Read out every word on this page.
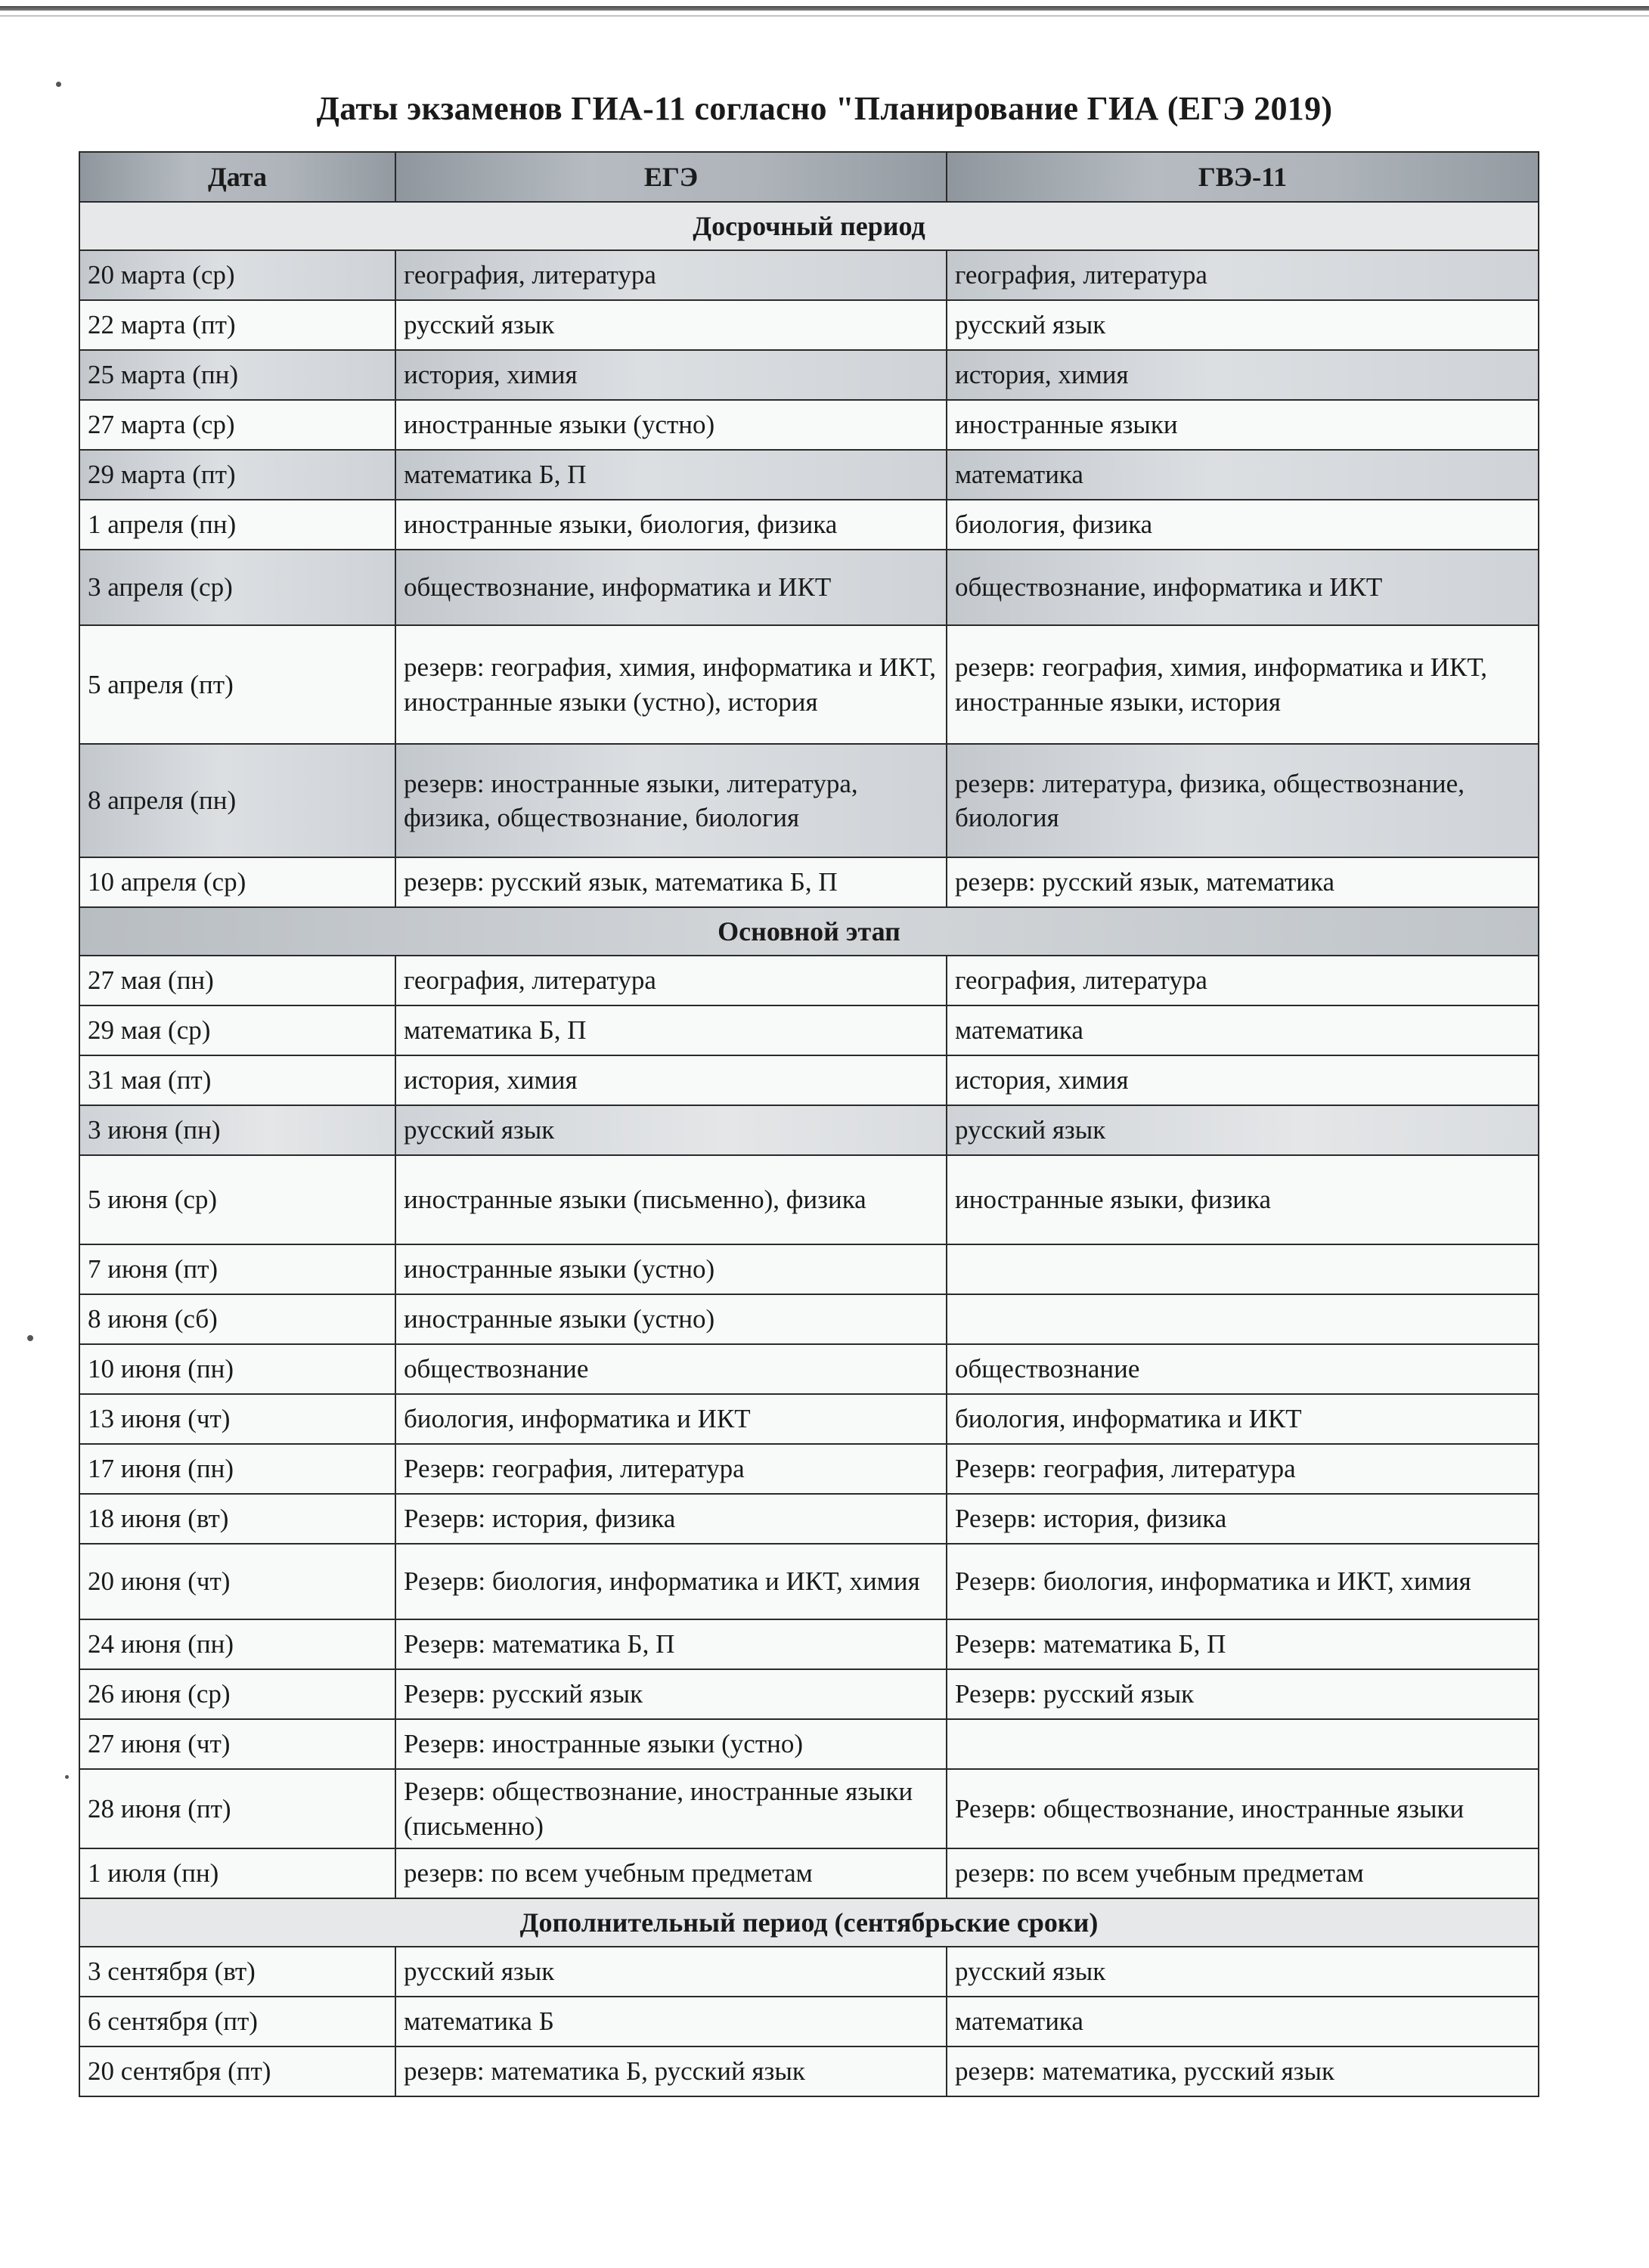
Даты экзаменов ГИА-11 согласно "Планирование ГИА (ЕГЭ 2019)
Дата	ЕГЭ	ГВЭ-11
Досрочный период		
20 марта (ср)	география, литература	география, литература
22 марта (пт)	русский язык	русский язык
25 марта (пн)	история, химия	история, химия
27 марта (ср)	иностранные языки (устно)	иностранные языки
29 марта (пт)	математика Б, П	математика
1 апреля (пн)	иностранные языки, биология, физика	биология, физика
3 апреля (ср)	обществознание, информатика и ИКТ	обществознание, информатика и ИКТ
5 апреля (пт)	резерв: география, химия, информатика и ИКТ, иностранные языки (устно), история	резерв: география, химия, информатика и ИКТ, иностранные языки, история
8 апреля (пн)	резерв: иностранные языки, литература, физика, обществознание, биология	резерв: литература, физика, обществознание, биология
10 апреля (ср)	резерв: русский язык, математика Б, П	резерв: русский язык, математика
Основной этап		
27 мая (пн)	география, литература	география, литература
29 мая (ср)	математика Б, П	математика
31 мая (пт)	история, химия	история, химия
3 июня (пн)	русский язык	русский язык
5 июня (ср)	иностранные языки (письменно), физика	иностранные языки, физика
7 июня (пт)	иностранные языки (устно)	
8 июня (сб)	иностранные языки (устно)	
10 июня (пн)	обществознание	обществознание
13 июня (чт)	биология, информатика и ИКТ	биология, информатика и ИКТ
17 июня (пн)	Резерв: география, литература	Резерв: география, литература
18 июня (вт)	Резерв: история, физика	Резерв: история, физика
20 июня (чт)	Резерв: биология, информатика и ИКТ, химия	Резерв: биология, информатика и ИКТ, химия
24 июня (пн)	Резерв: математика Б, П	Резерв: математика Б, П
26 июня (ср)	Резерв: русский язык	Резерв: русский язык
27 июня (чт)	Резерв: иностранные языки (устно)	
28 июня (пт)	Резерв: обществознание, иностранные языки (письменно)	Резерв: обществознание, иностранные языки
1 июля (пн)	резерв: по всем учебным предметам	резерв: по всем учебным предметам
Дополнительный период (сентябрьские сроки)		
3 сентября (вт)	русский язык	русский язык
6 сентября (пт)	математика Б	математика
20 сентября (пт)	резерв: математика Б, русский язык	резерв: математика, русский язык
